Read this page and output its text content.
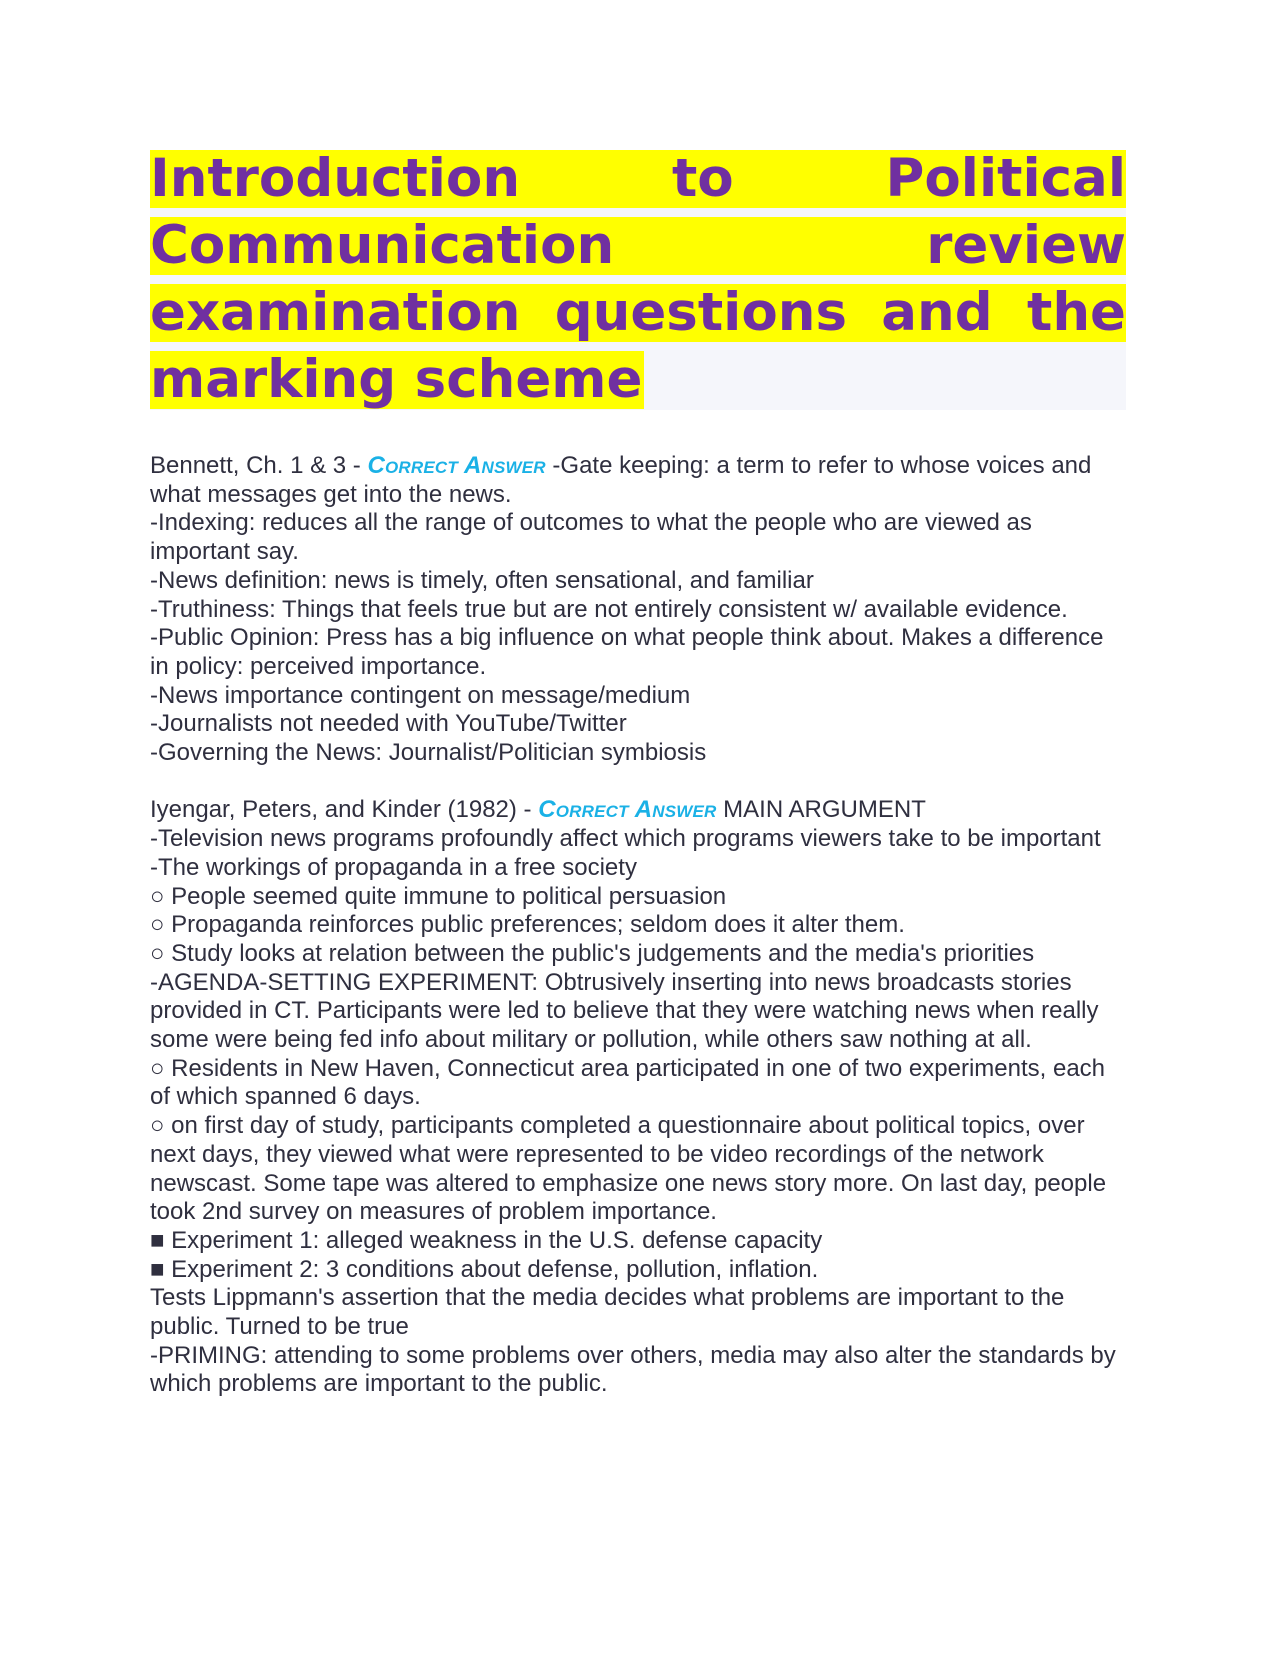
Introduction	to	Political
Communication	review
examination questions and the
marking scheme

Bennett, Ch. 1 & 3 - Correct Answer -Gate keeping: a term to refer to whose voices and what messages get into the news.

-Indexing: reduces all the range of outcomes to what the people who are viewed as important say.

-News definition: news is timely, often sensational, and familiar

-Truthiness: Things that feels true but are not entirely consistent w/ available evidence.

-Public Opinion: Press has a big influence on what people think about. Makes a difference in policy: perceived importance.

-News importance contingent on message/medium

-Journalists not needed with YouTube/Twitter

-Governing the News: Journalist/Politician symbiosis

Iyengar, Peters, and Kinder (1982) - Correct Answer MAIN ARGUMENT

-Television news programs profoundly affect which programs viewers take to be important

-The workings of propaganda in a free society

○ People seemed quite immune to political persuasion

○ Propaganda reinforces public preferences; seldom does it alter them.

○ Study looks at relation between the public's judgements and the media's priorities

-AGENDA-SETTING EXPERIMENT: Obtrusively inserting into news broadcasts stories provided in CT. Participants were led to believe that they were watching news when really some were being fed info about military or pollution, while others saw nothing at all.

○ Residents in New Haven, Connecticut area participated in one of two experiments, each of which spanned 6 days.

○ on first day of study, participants completed a questionnaire about political topics, over next days, they viewed what were represented to be video recordings of the network newscast. Some tape was altered to emphasize one news story more. On last day, people took 2nd survey on measures of problem importance.

■ Experiment 1: alleged weakness in the U.S. defense capacity

■ Experiment 2: 3 conditions about defense, pollution, inflation.

Tests Lippmann's assertion that the media decides what problems are important to the public. Turned to be true

-PRIMING: attending to some problems over others, media may also alter the standards by which problems are important to the public.
